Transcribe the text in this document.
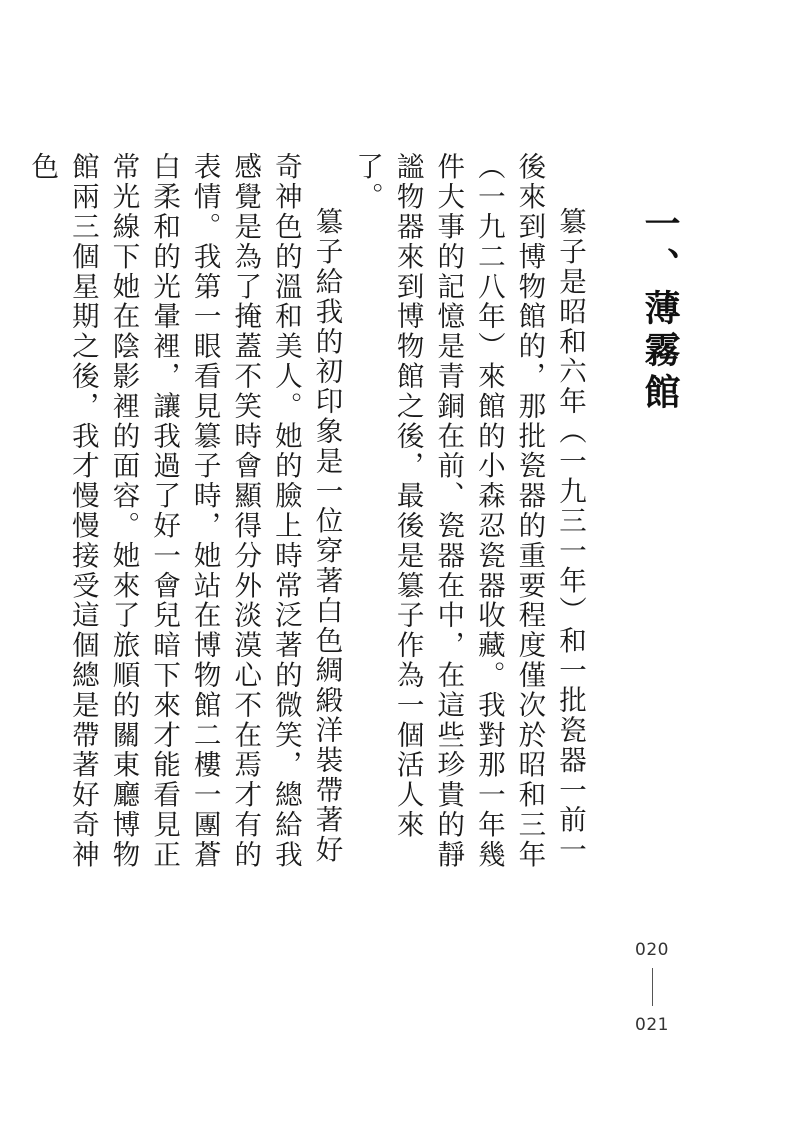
一、薄霧館

簒子是昭和六年（一九三一年）和一批瓷器一前一後來到博物館的，那批瓷器的重要程度僅次於昭和三年（一九二八年）來館的小森忍瓷器收藏。我對那一年幾件大事的記憶是青銅在前、瓷器在中，在這些珍貴的靜謐物器來到博物館之後，最後是簒子作為一個活人來了。

簒子給我的初印象是一位穿著白色綢緞洋裝帶著好奇神色的溫和美人。她的臉上時常泛著的微笑，總給我感覺是為了掩蓋不笑時會顯得分外淡漠心不在焉才有的表情。我第一眼看見簒子時，她站在博物館二樓一團蒼白柔和的光暈裡，讓我過了好一會兒暗下來才能看見正常光線下她在陰影裡的面容。她來了旅順的關東廳博物館兩三個星期之後，我才慢慢接受這個總是帶著好奇神色

020
021
